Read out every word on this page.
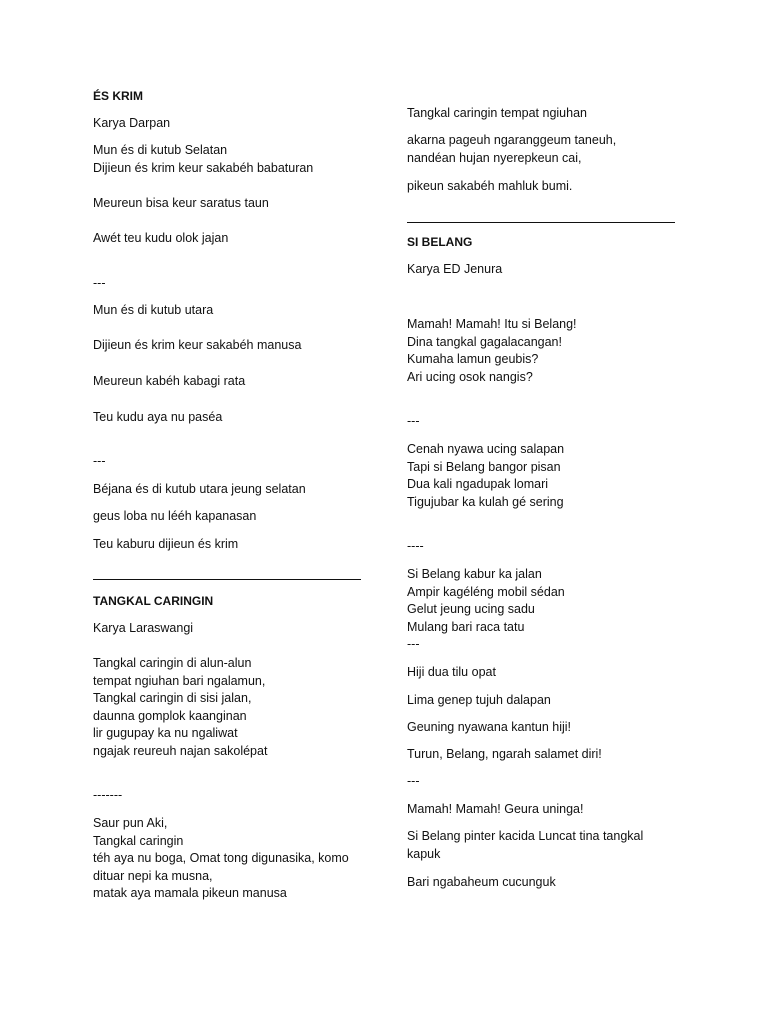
ÉS KRIM
Karya Darpan
Mun és di kutub Selatan
Dijieun és krim keur sakabéh babaturan
Meureun bisa keur saratus taun
Awét teu kudu olok jajan
---
Mun és di kutub utara
Dijieun és krim keur sakabéh manusa
Meureun kabéh kabagi rata
Teu kudu aya nu paséa
---
Béjana és di kutub utara jeung selatan
geus loba nu lééh kapanasan
Teu kaburu dijieun és krim
TANGKAL CARINGIN
Karya Laraswangi
Tangkal caringin di alun-alun
tempat ngiuhan bari ngalamun,
Tangkal caringin di sisi jalan,
daunna gomplok kaanginan
lir gugupay ka nu ngaliwat
ngajak reureuh najan sakolépat
-------
Saur pun Aki,
Tangkal caringin
téh aya nu boga, Omat tong digunasika, komo
dituar nepi ka musna,
matak aya mamala pikeun manusa
Tangkal caringin tempat ngiuhan
akarna pageuh ngaranggeum taneuh,
nandéan hujan nyerepkeun cai,
pikeun sakabéh mahluk bumi.
SI BELANG
Karya ED Jenura
Mamah! Mamah! Itu si Belang!
Dina tangkal gagalacangan!
Kumaha lamun geubis?
Ari ucing osok nangis?
---
Cenah nyawa ucing salapan
Tapi si Belang bangor pisan
Dua kali ngadupak lomari
Tigujubar ka kulah gé sering
----
Si Belang kabur ka jalan
Ampir kagéléng mobil sédan
Gelut jeung ucing sadu
Mulang bari raca tatu
---
Hiji dua tilu opat
Lima genep tujuh dalapan
Geuning nyawana kantun hiji!
Turun, Belang, ngarah salamet diri!
---
Mamah! Mamah! Geura uninga!
Si Belang pinter kacida Luncat tina tangkal
kapuk
Bari ngabaheum cucunguk
